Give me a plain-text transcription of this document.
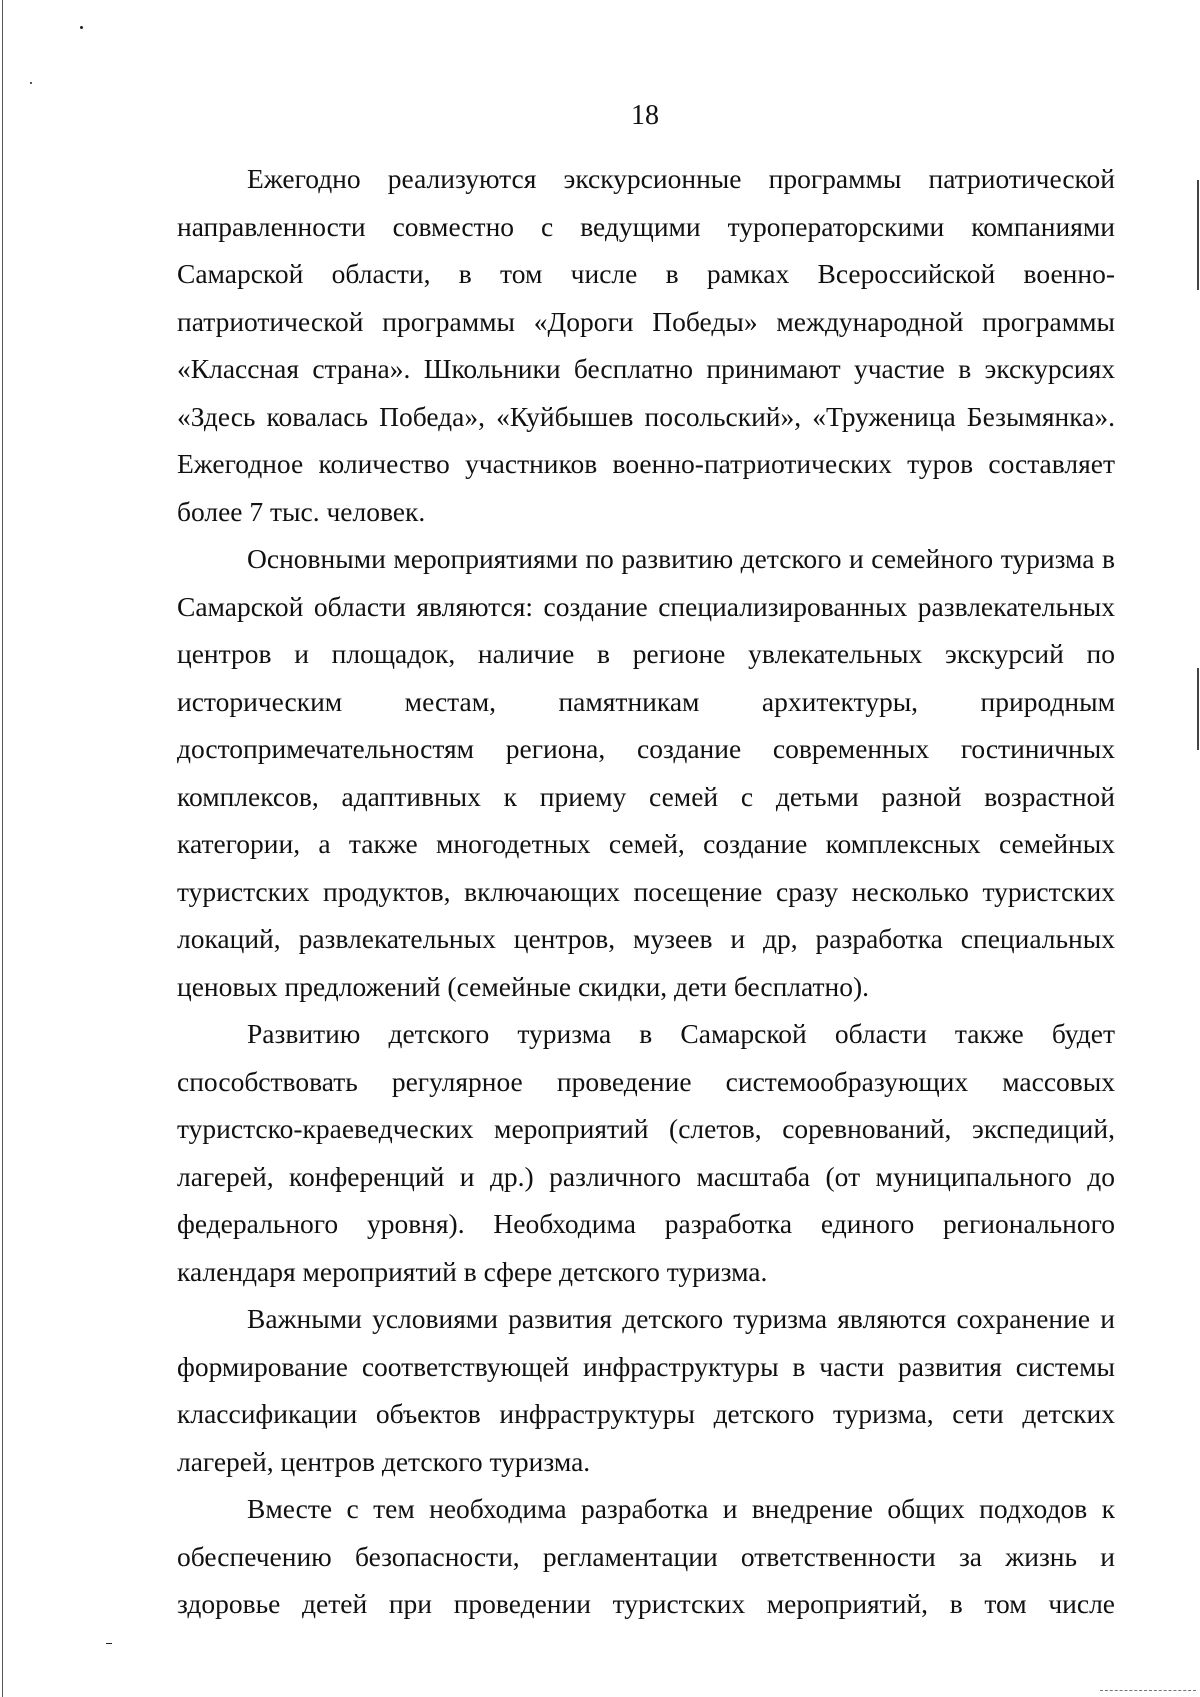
18

Ежегодно реализуются экскурсионные программы патриотической направленности совместно с ведущими туроператорскими компаниями Самарской области, в том числе в рамках Всероссийской военно-патриотической программы «Дороги Победы» международной программы «Классная страна». Школьники бесплатно принимают участие в экскурсиях «Здесь ковалась Победа», «Куйбышев посольский», «Труженица Безымянка». Ежегодное количество участников военно-патриотических туров составляет более 7 тыс. человек.

Основными мероприятиями по развитию детского и семейного туризма в Самарской области являются: создание специализированных развлекательных центров и площадок, наличие в регионе увлекательных экскурсий по историческим местам, памятникам архитектуры, природным достопримечательностям региона, создание современных гостиничных комплексов, адаптивных к приему семей с детьми разной возрастной категории, а также многодетных семей, создание комплексных семейных туристских продуктов, включающих посещение сразу несколько туристских локаций, развлекательных центров, музеев и др, разработка специальных ценовых предложений (семейные скидки, дети бесплатно).

Развитию детского туризма в Самарской области также будет способствовать регулярное проведение системообразующих массовых туристско-краеведческих мероприятий (слетов, соревнований, экспедиций, лагерей, конференций и др.) различного масштаба (от муниципального до федерального уровня). Необходима разработка единого регионального календаря мероприятий в сфере детского туризма.

Важными условиями развития детского туризма являются сохранение и формирование соответствующей инфраструктуры в части развития системы классификации объектов инфраструктуры детского туризма, сети детских лагерей, центров детского туризма.

Вместе с тем необходима разработка и внедрение общих подходов к обеспечению безопасности, регламентации ответственности за жизнь и здоровье детей при проведении туристских мероприятий, в том числе
